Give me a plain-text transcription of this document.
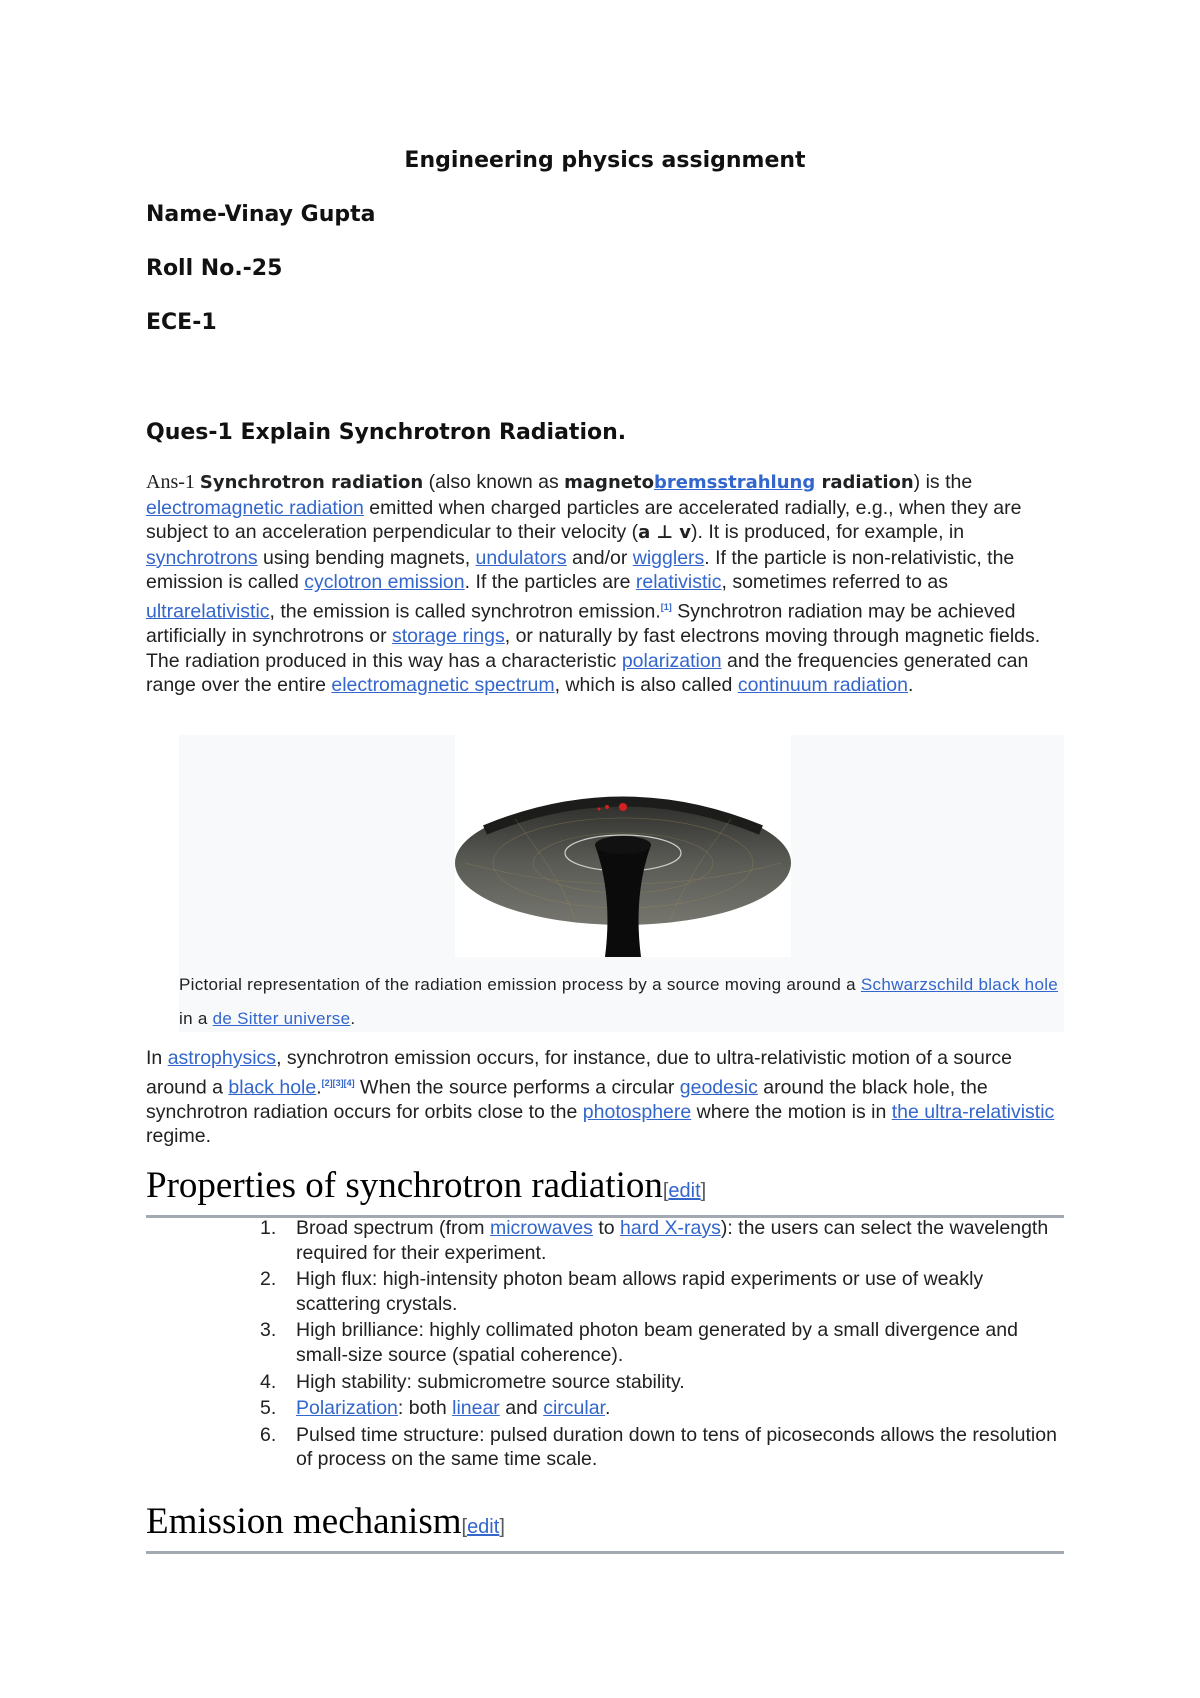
Engineering physics assignment
Name-Vinay Gupta
Roll No.-25
ECE-1
Ques-1 Explain Synchrotron Radiation.
Ans-1 Synchrotron radiation (also known as magnetobremsstrahlung radiation) is the electromagnetic radiation emitted when charged particles are accelerated radially, e.g., when they are subject to an acceleration perpendicular to their velocity (a ⊥ v). It is produced, for example, in synchrotrons using bending magnets, undulators and/or wigglers. If the particle is non-relativistic, the emission is called cyclotron emission. If the particles are relativistic, sometimes referred to as ultrarelativistic, the emission is called synchrotron emission.[1] Synchrotron radiation may be achieved artificially in synchrotrons or storage rings, or naturally by fast electrons moving through magnetic fields. The radiation produced in this way has a characteristic polarization and the frequencies generated can range over the entire electromagnetic spectrum, which is also called continuum radiation.
Pictorial representation of the radiation emission process by a source moving around a Schwarzschild black hole in a de Sitter universe.
In astrophysics, synchrotron emission occurs, for instance, due to ultra-relativistic motion of a source around a black hole.[2][3][4] When the source performs a circular geodesic around the black hole, the synchrotron radiation occurs for orbits close to the photosphere where the motion is in the ultra-relativistic regime.
Properties of synchrotron radiation[edit]
1. Broad spectrum (from microwaves to hard X-rays): the users can select the wavelength required for their experiment.
2. High flux: high-intensity photon beam allows rapid experiments or use of weakly scattering crystals.
3. High brilliance: highly collimated photon beam generated by a small divergence and small-size source (spatial coherence).
4. High stability: submicrometre source stability.
5. Polarization: both linear and circular.
6. Pulsed time structure: pulsed duration down to tens of picoseconds allows the resolution of process on the same time scale.
Emission mechanism[edit]
